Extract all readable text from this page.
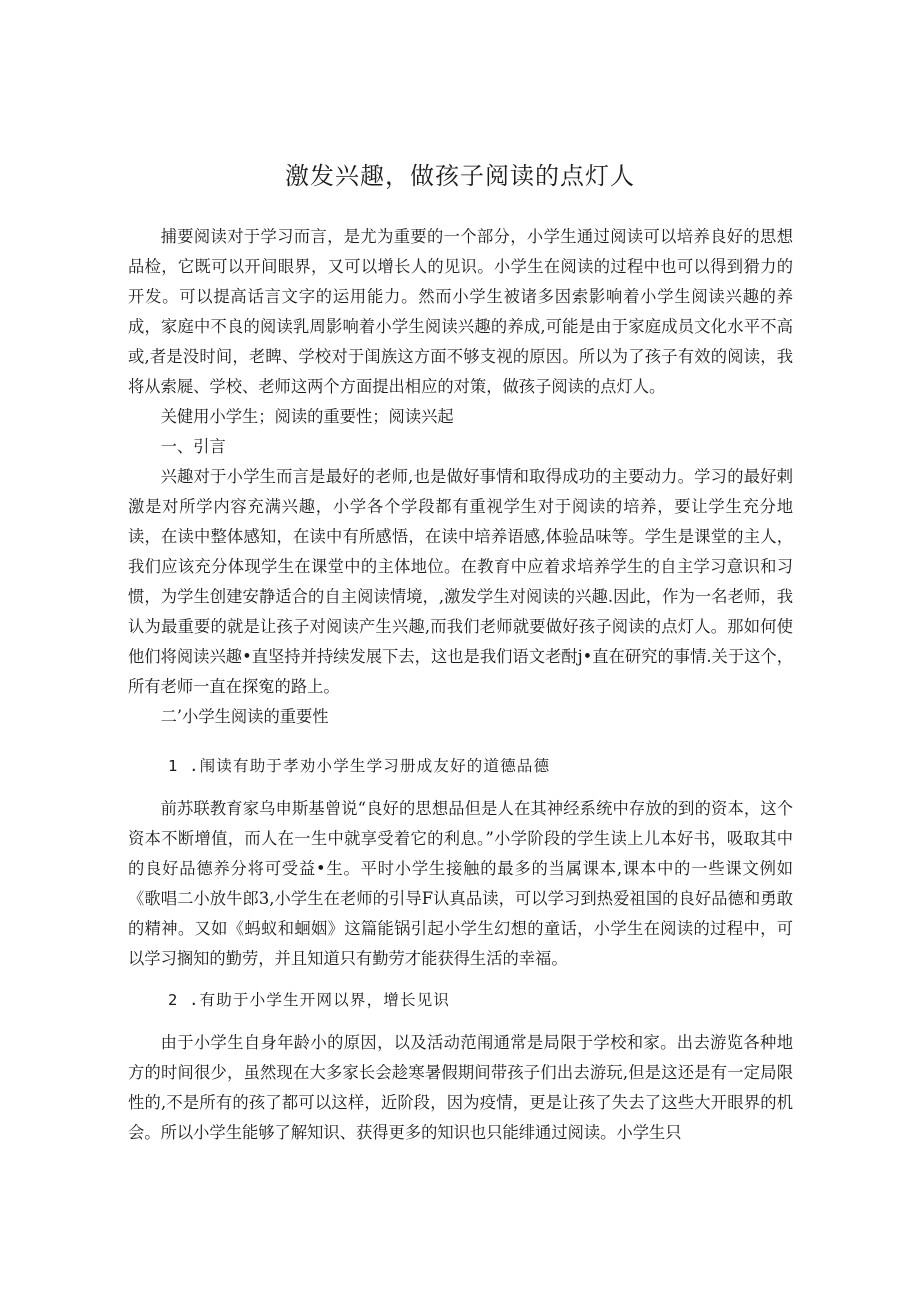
激发兴趣，做孩子阅读的点灯人

捕要阅读对于学习而言，是尤为重要的一个部分，小学生通过阅读可以培养良好的思想品检，它既可以开间眼界，又可以增长人的见识。小学生在阅读的过程中也可以得到猾力的开发。可以提高话言文字的运用能力。然而小学生被诸多因索影响着小学生阅读兴趣的养成，家庭中不良的阅读乳周影响着小学生阅读兴趣的养成,可能是由于家庭成员文化水平不高或,者是没时间，老睥、学校对于闺族这方面不够支视的原因。所以为了孩子有效的阅读，我将从索屣、学校、老师这两个方面提出相应的对策，做孩子阅读的点灯人。

关健用小学生；阅读的重要性；阅读兴起

一、引言

兴趣对于小学生而言是最好的老师,也是做好事情和取得成功的主要动力。学习的最好剌激是对所学内容充满兴趣，小学各个学段都有重视学生对于阅读的培养，要让学生充分地读，在读中整体感知，在读中有所感悟，在读中培养语感,体验品味等。学生是课堂的主人，我们应该充分体现学生在课堂中的主体地位。在教育中应着求培养学生的自主学习意识和习惯，为学生创建安静适合的自主阅读情境，,激发学生对阅读的兴趣.因此，作为一名老师，我认为最重要的就是让孩子对阅读产生兴趣,而我们老师就要做好孩子阅读的点灯人。那如何使他们将阅读兴趣•直坚持并持续发展下去，这也是我们语文老酎j•直在研究的事情.关于这个，所有老师一直在探寃的路上。

二’小学生阅读的重要性

1 .闱读有助于孝劝小学生学习册成友好的道德品德

前苏联教育家乌申斯基曾说“良好的思想品但是人在其神经系统中存放的到的资本，这个资本不断增值，而人在一生中就享受着它的利息。”小学阶段的学生读上儿本好书，吸取其中的良好品德养分将可受益•生。平时小学生接触的最多的当属课本,课本中的一些课文例如《歌唱二小放牛郎3,小学生在老师的引导F认真品读，可以学习到热爱祖国的良好品德和勇敢的精神。又如《蚂蚁和蛔姻》这篇能锅引起小学生幻想的童话，小学生在阅读的过程中，可以学习搁知的勤劳，并且知道只有勤劳才能获得生活的幸福。

2 .有助于小学生开网以界，增长见识

由于小学生自身年龄小的原因，以及活动范闱通常是局限于学校和家。出去游览各种地方的时间很少，虽然现在大多家长会趁寒暑假期间带孩子们出去游玩,但是这还是有一定局限性的,不是所有的孩了都可以这样，近阶段，因为疫情，更是让孩了失去了这些大开眼界的机会。所以小学生能够了解知识、获得更多的知识也只能绯通过阅读。小学生只
